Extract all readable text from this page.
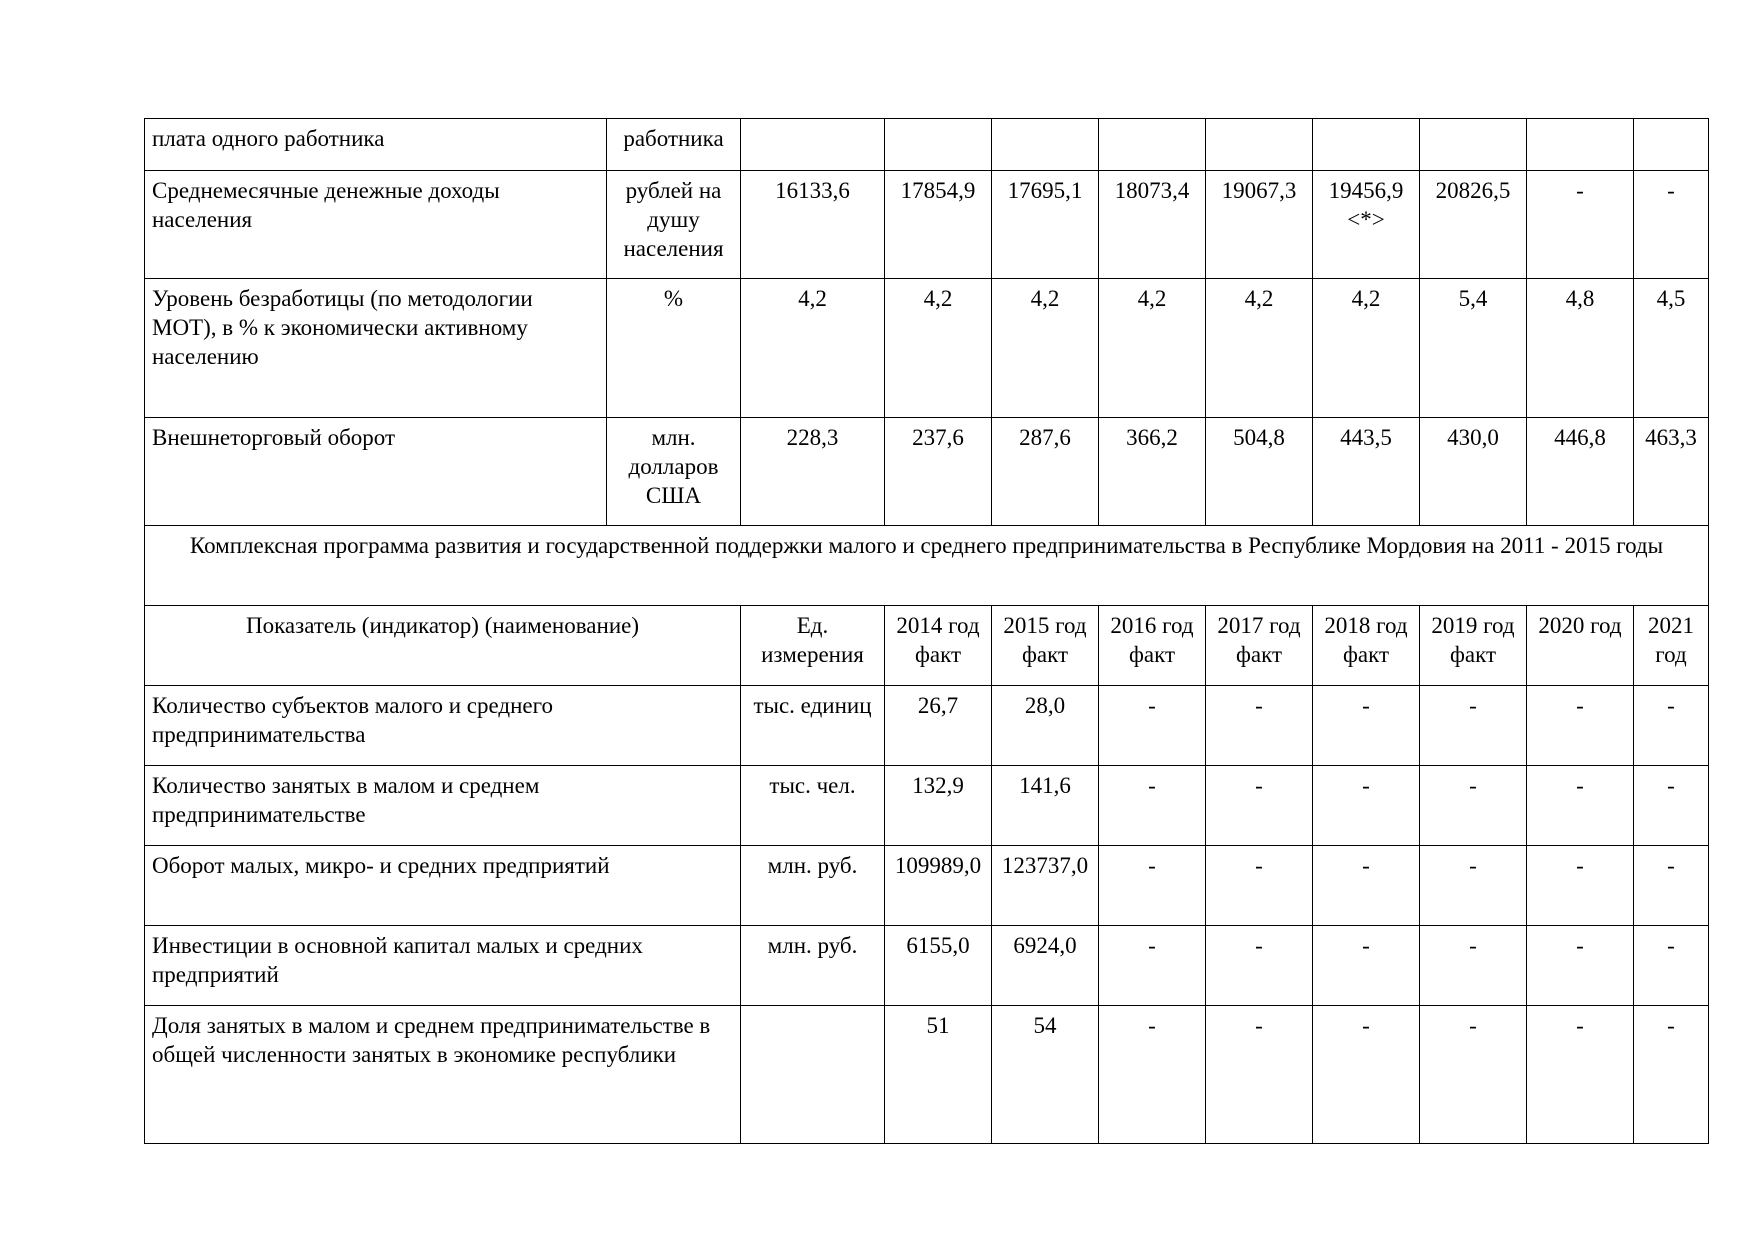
плата одного работника	работника									
Среднемесячные денежные доходы населения	рублей на душу населения	16133,6	17854,9	17695,1	18073,4	19067,3	19456,9 <*>	20826,5	-	-
Уровень безработицы (по методологии МОТ), в % к экономически активному населению	%	4,2	4,2	4,2	4,2	4,2	4,2	5,4	4,8	4,5
Внешнеторговый оборот	млн. долларов США	228,3	237,6	287,6	366,2	504,8	443,5	430,0	446,8	463,3
Комплексная программа развития и государственной поддержки малого и среднего предпринимательства в Республике Мордовия на 2011 - 2015 годы										
Показатель (индикатор) (наименование)		Ед. измерения	2014 год факт	2015 год факт	2016 год факт	2017 год факт	2018 год факт	2019 год факт	2020 год	2021 год
Количество субъектов малого и среднего предпринимательства		тыс. единиц	26,7	28,0	-	-	-	-	-	-
Количество занятых в малом и среднем предпринимательстве		тыс. чел.	132,9	141,6	-	-	-	-	-	-
Оборот малых, микро- и средних предприятий		млн. руб.	109989,0	123737,0	-	-	-	-	-	-
Инвестиции в основной капитал малых и средних предприятий		млн. руб.	6155,0	6924,0	-	-	-	-	-	-
Доля занятых в малом и среднем предпринимательстве в общей численности занятых в экономике республики			51	54	-	-	-	-	-	-
